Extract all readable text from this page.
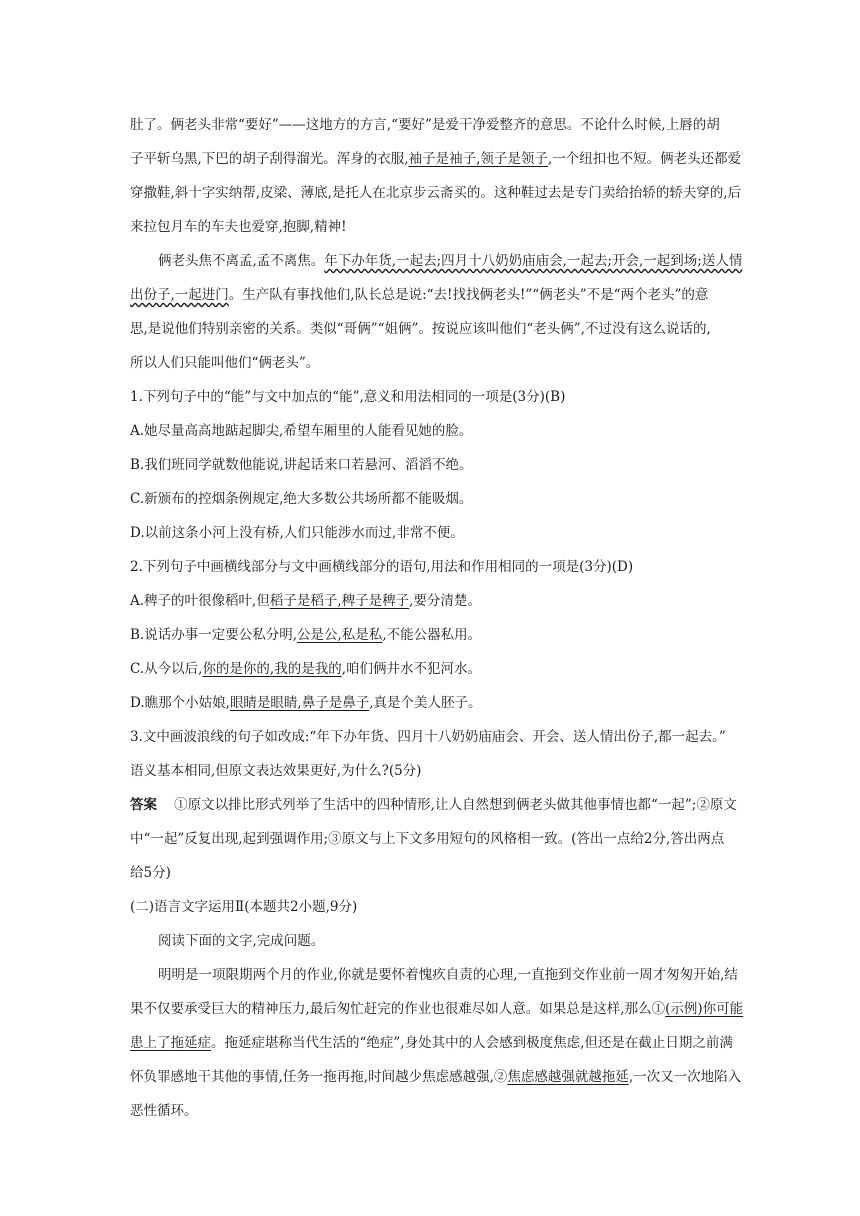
肚了。俩老头非常“要好”——这地方的方言,“要好”是爱干净爱整齐的意思。不论什么时候,上唇的胡
子平斩乌黑,下巴的胡子刮得溜光。浑身的衣服,袖子是袖子,领子是领子,一个纽扣也不短。俩老头还都爱
穿撒鞋,斜十字实纳帮,皮梁、薄底,是托人在北京步云斋买的。这种鞋过去是专门卖给抬轿的轿夫穿的,后
来拉包月车的车夫也爱穿,抱脚,精神!
俩老头焦不离孟,孟不离焦。年下办年货,一起去;四月十八奶奶庙庙会,一起去;开会,一起到场;送人情
出份子,一起进门。生产队有事找他们,队长总是说:“去!找找俩老头!”“俩老头”不是“两个老头”的意
思,是说他们特别亲密的关系。类似“哥俩”“姐俩”。按说应该叫他们“老头俩”,不过没有这么说话的,
所以人们只能叫他们“俩老头”。
1.下列句子中的“能”与文中加点的“能”,意义和用法相同的一项是(3分)(B)
A.她尽量高高地踮起脚尖,希望车厢里的人能看见她的脸。
B.我们班同学就数他能说,讲起话来口若悬河、滔滔不绝。
C.新颁布的控烟条例规定,绝大多数公共场所都不能吸烟。
D.以前这条小河上没有桥,人们只能涉水而过,非常不便。
2.下列句子中画横线部分与文中画横线部分的语句,用法和作用相同的一项是(3分)(D)
A.稗子的叶很像稻叶,但稻子是稻子,稗子是稗子,要分清楚。
B.说话办事一定要公私分明,公是公,私是私,不能公器私用。
C.从今以后,你的是你的,我的是我的,咱们俩井水不犯河水。
D.瞧那个小姑娘,眼睛是眼睛,鼻子是鼻子,真是个美人胚子。
3.文中画波浪线的句子如改成:“年下办年货、四月十八奶奶庙庙会、开会、送人情出份子,都一起去。”
语义基本相同,但原文表达效果更好,为什么?(5分)
答案 ①原文以排比形式列举了生活中的四种情形,让人自然想到俩老头做其他事情也都“一起”;②原文
中“一起”反复出现,起到强调作用;③原文与上下文多用短句的风格相一致。(答出一点给2分,答出两点
给5分)
(二)语言文字运用Ⅱ(本题共2小题,9分)
阅读下面的文字,完成问题。
明明是一项限期两个月的作业,你就是要怀着愧疚自责的心理,一直拖到交作业前一周才匆匆开始,结
果不仅要承受巨大的精神压力,最后匆忙赶完的作业也很难尽如人意。如果总是这样,那么①(示例)你可能
患上了拖延症。拖延症堪称当代生活的“绝症”,身处其中的人会感到极度焦虑,但还是在截止日期之前满
怀负罪感地干其他的事情,任务一拖再拖,时间越少焦虑感越强,②焦虑感越强就越拖延,一次又一次地陷入
恶性循环。
